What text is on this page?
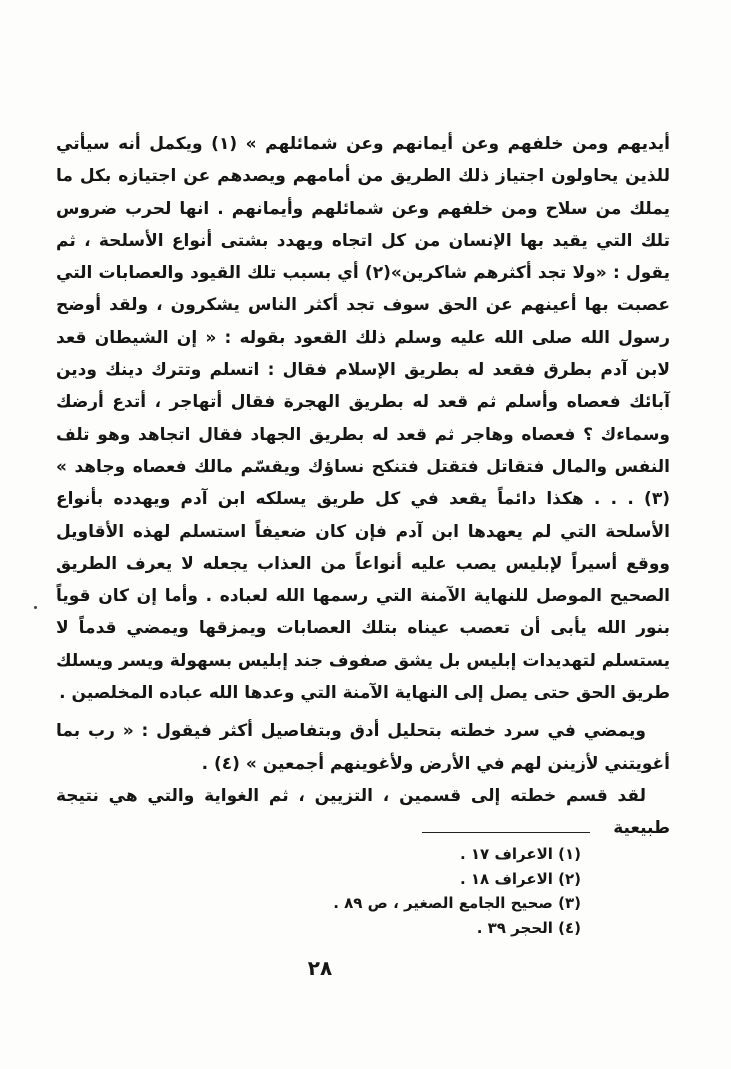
أيديهم ومن خلفهم وعن أيمانهم وعن شمائلهم » (١) ويكمل أنه سيأتي للذين يحاولون اجتياز ذلك الطريق من أمامهم ويصدهم عن اجتيازه بكل ما يملك من سلاح ومن خلفهم وعن شمائلهم وأيمانهم . انها لحرب ضروس تلك التي يقيد بها الإنسان من كل اتجاه ويهدد بشتى أنواع الأسلحة ، ثم يقول : «ولا تجد أكثرهم شاكرين»(٢) أي بسبب تلك القيود والعصابات التي عصبت بها أعينهم عن الحق سوف تجد أكثر الناس يشكرون ، ولقد أوضح رسول الله صلى الله عليه وسلم ذلك القعود بقوله : « إن الشيطان قعد لابن آدم بطرق فقعد له بطريق الإسلام فقال : اتسلم وتترك دينك ودين آبائك فعصاه وأسلم ثم قعد له بطريق الهجرة فقال أتهاجر ، أتدع أرضك وسماءك ؟ فعصاه وهاجر ثم قعد له بطريق الجهاد فقال اتجاهد وهو تلف النفس والمال فتقاتل فتقتل فتنكح نساؤك ويقسّم مالك فعصاه وجاهد » (٣) . . . هكذا دائماً يقعد في كل طريق يسلكه ابن آدم ويهدده بأنواع الأسلحة التي لم يعهدها ابن آدم فإن كان ضعيفاً استسلم لهذه الأقاويل ووقع أسيراً لإبليس يصب عليه أنواعاً من العذاب يجعله لا يعرف الطريق الصحيح الموصل للنهاية الآمنة التي رسمها الله لعباده . وأما إن كان قوياً بنور الله يأبى أن تعصب عيناه بتلك العصابات ويمزقها ويمضي قدماً لا يستسلم لتهديدات إبليس بل يشق صفوف جند إبليس بسهولة ويسر ويسلك طريق الحق حتى يصل إلى النهاية الآمنة التي وعدها الله عباده المخلصين .

ويمضي في سرد خطته بتحليل أدق وبتفاصيل أكثر فيقول : « رب بما أغويتني لأزينن لهم في الأرض ولأغوينهم أجمعين » (٤) .

لقد قسم خطته إلى قسمين ، التزيين ، ثم الغواية والتي هي نتيجة طبيعية

(١) الاعراف ١٧ .
(٢) الاعراف ١٨ .
(٣) صحيح الجامع الصغير ، ص ٨٩ .
(٤) الحجر ٣٩ .
٢٨
